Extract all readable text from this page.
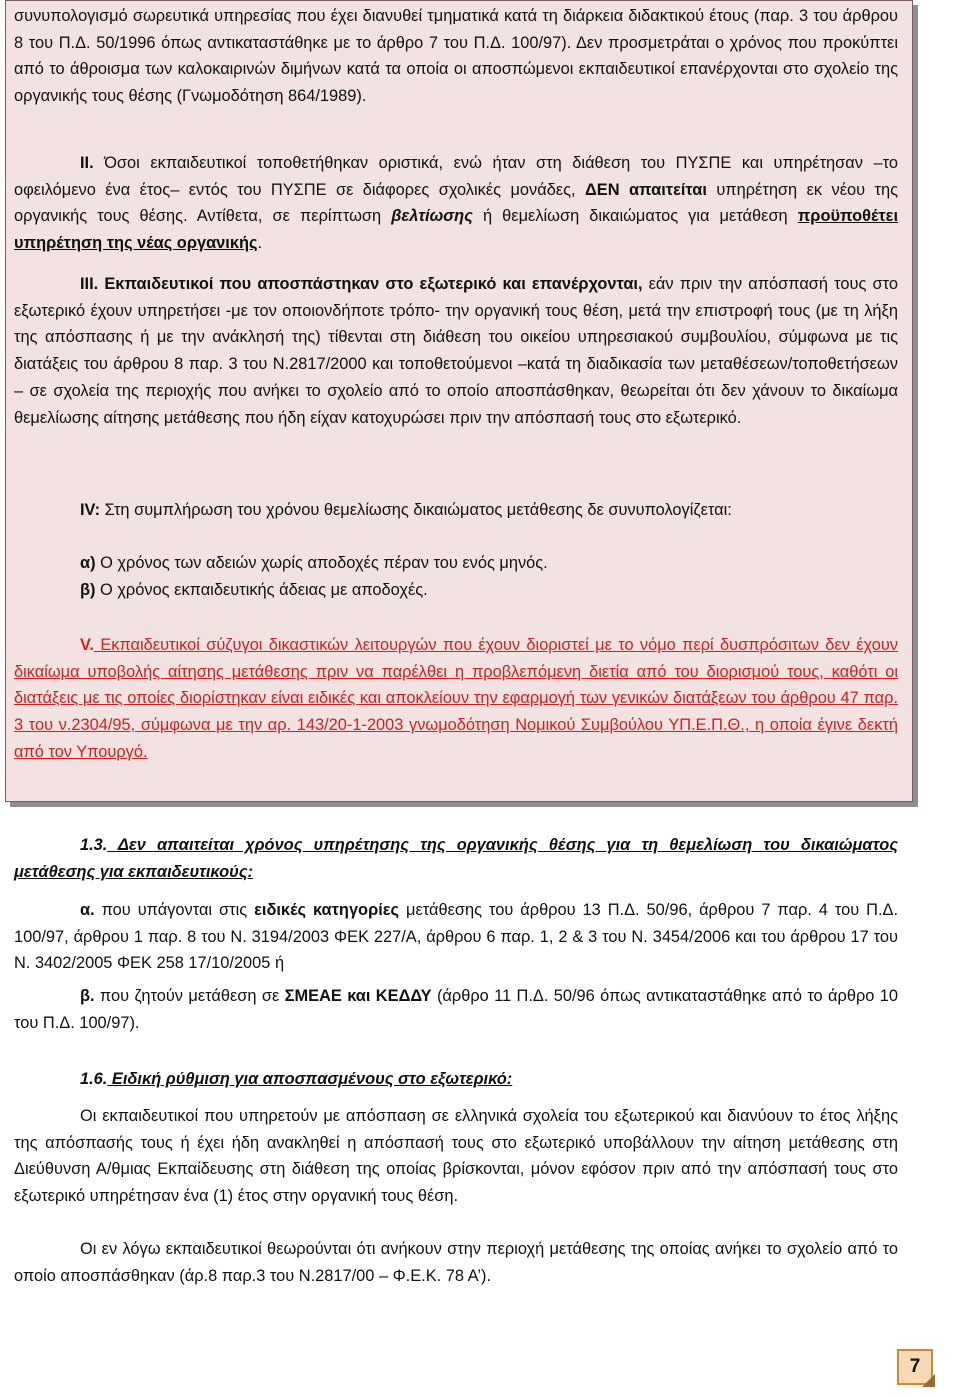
συνυπολογισμό σωρευτικά υπηρεσίας που έχει διανυθεί τμηματικά κατά τη διάρκεια διδακτικού έτους (παρ. 3 του άρθρου 8 του Π.Δ. 50/1996 όπως αντικαταστάθηκε με το άρθρο 7 του Π.Δ. 100/97). Δεν προσμετράται ο χρόνος που προκύπτει από το άθροισμα των καλοκαιρινών διμήνων κατά τα οποία οι αποσπώμενοι εκπαιδευτικοί επανέρχονται στο σχολείο της οργανικής τους θέσης (Γνωμοδότηση 864/1989).

ΙΙ. Όσοι εκπαιδευτικοί τοποθετήθηκαν οριστικά, ενώ ήταν στη διάθεση του ΠΥΣΠΕ και υπηρέτησαν –το οφειλόμενο ένα έτος– εντός του ΠΥΣΠΕ σε διάφορες σχολικές μονάδες, ΔΕΝ απαιτείται υπηρέτηση εκ νέου της οργανικής τους θέσης. Αντίθετα, σε περίπτωση βελτίωσης ή θεμελίωση δικαιώματος για μετάθεση προϋποθέτει υπηρέτηση της νέας οργανικής.

ΙΙΙ. Εκπαιδευτικοί που αποσπάστηκαν στο εξωτερικό και επανέρχονται, εάν πριν την απόσπασή τους στο εξωτερικό έχουν υπηρετήσει -με τον οποιονδήποτε τρόπο- την οργανική τους θέση, μετά την επιστροφή τους (με τη λήξη της απόσπασης ή με την ανάκλησή της) τίθενται στη διάθεση του οικείου υπηρεσιακού συμβουλίου, σύμφωνα με τις διατάξεις του άρθρου 8 παρ. 3 του Ν.2817/2000 και τοποθετούμενοι –κατά τη διαδικασία των μεταθέσεων/τοποθετήσεων – σε σχολεία της περιοχής που ανήκει το σχολείο από το οποίο αποσπάσθηκαν, θεωρείται ότι δεν χάνουν το δικαίωμα θεμελίωσης αίτησης μετάθεσης που ήδη είχαν κατοχυρώσει πριν την απόσπασή τους στο εξωτερικό.

IV: Στη συμπλήρωση του χρόνου θεμελίωσης δικαιώματος μετάθεσης δε συνυπολογίζεται:

α) Ο χρόνος των αδειών χωρίς αποδοχές πέραν του ενός μηνός.

β) Ο χρόνος εκπαιδευτικής άδειας με αποδοχές.

V. Εκπαιδευτικοί σύζυγοι δικαστικών λειτουργών που έχουν διοριστεί με το νόμο περί δυσπρόσιτων δεν έχουν δικαίωμα υποβολής αίτησης μετάθεσης πριν να παρέλθει η προβλεπόμενη διετία από του διορισμού τους, καθότι οι διατάξεις με τις οποίες διορίστηκαν είναι ειδικές και αποκλείουν την εφαρμογή των γενικών διατάξεων του άρθρου 47 παρ. 3 του ν.2304/95, σύμφωνα με την αρ. 143/20-1-2003 γνωμοδότηση Νομικού Συμβούλου ΥΠ.Ε.Π.Θ., η οποία έγινε δεκτή από τον Υπουργό.

1.3. Δεν απαιτείται χρόνος υπηρέτησης της οργανικής θέσης για τη θεμελίωση του δικαιώματος μετάθεσης για εκπαιδευτικούς:

α. που υπάγονται στις ειδικές κατηγορίες μετάθεσης του άρθρου 13 Π.Δ. 50/96, άρθρου 7 παρ. 4 του Π.Δ. 100/97, άρθρου 1 παρ. 8 του Ν. 3194/2003 ΦΕΚ 227/Α, άρθρου 6 παρ. 1, 2 & 3 του Ν. 3454/2006 και του άρθρου 17 του Ν. 3402/2005 ΦΕΚ 258 17/10/2005 ή

β. που ζητούν μετάθεση σε ΣΜΕΑΕ και ΚΕΔΔΥ (άρθρο 11 Π.Δ. 50/96 όπως αντικαταστάθηκε από το άρθρο 10 του Π.Δ. 100/97).

1.6. Ειδική ρύθμιση για αποσπασμένους στο εξωτερικό:

Οι εκπαιδευτικοί που υπηρετούν με απόσπαση σε ελληνικά σχολεία του εξωτερικού και διανύουν το έτος λήξης της απόσπασής τους ή έχει ήδη ανακληθεί η απόσπασή τους στο εξωτερικό υποβάλλουν την αίτηση μετάθεσης στη Διεύθυνση Α/θμιας Εκπαίδευσης στη διάθεση της οποίας βρίσκονται, μόνον εφόσον πριν από την απόσπασή τους στο εξωτερικό υπηρέτησαν ένα (1) έτος στην οργανική τους θέση.

Οι εν λόγω εκπαιδευτικοί θεωρούνται ότι ανήκουν στην περιοχή μετάθεσης της οποίας ανήκει το σχολείο από το οποίο αποσπάσθηκαν (άρ.8 παρ.3 του Ν.2817/00 – Φ.Ε.Κ. 78 Α’).

7
